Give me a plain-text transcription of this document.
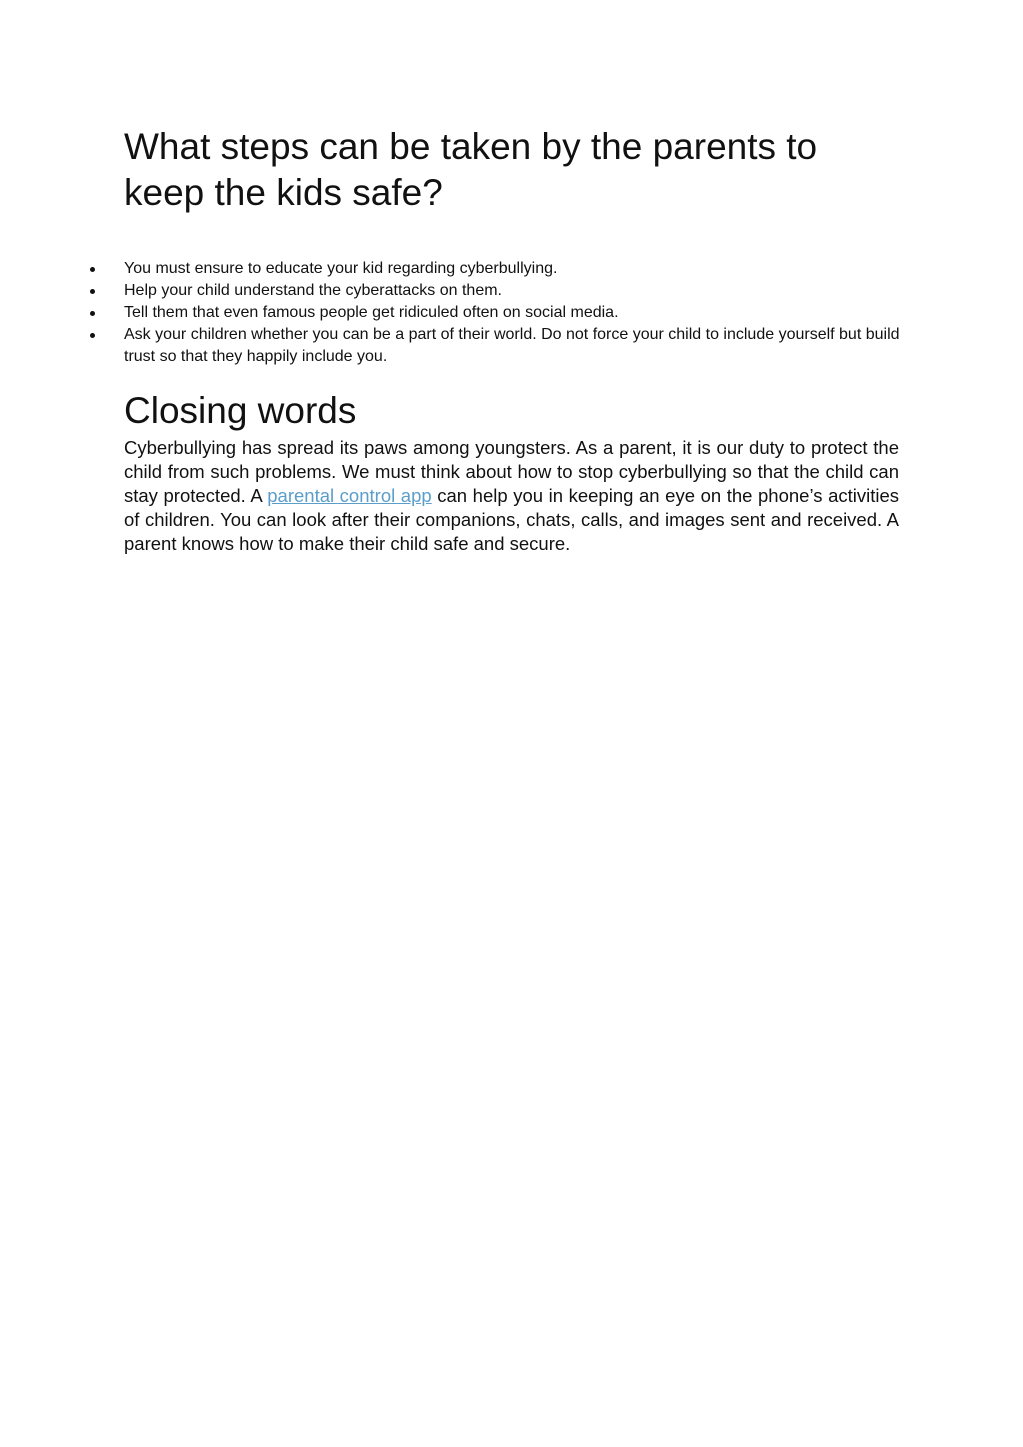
What steps can be taken by the parents to keep the kids safe?
You must ensure to educate your kid regarding cyberbullying.
Help your child understand the cyberattacks on them.
Tell them that even famous people get ridiculed often on social media.
Ask your children whether you can be a part of their world. Do not force your child to include yourself but build trust so that they happily include you.
Closing words

Cyberbullying has spread its paws among youngsters. As a parent, it is our duty to protect the child from such problems. We must think about how to stop cyberbullying so that the child can stay protected. A parental control app can help you in keeping an eye on the phone’s activities of children. You can look after their companions, chats, calls, and images sent and received. A parent knows how to make their child safe and secure.
